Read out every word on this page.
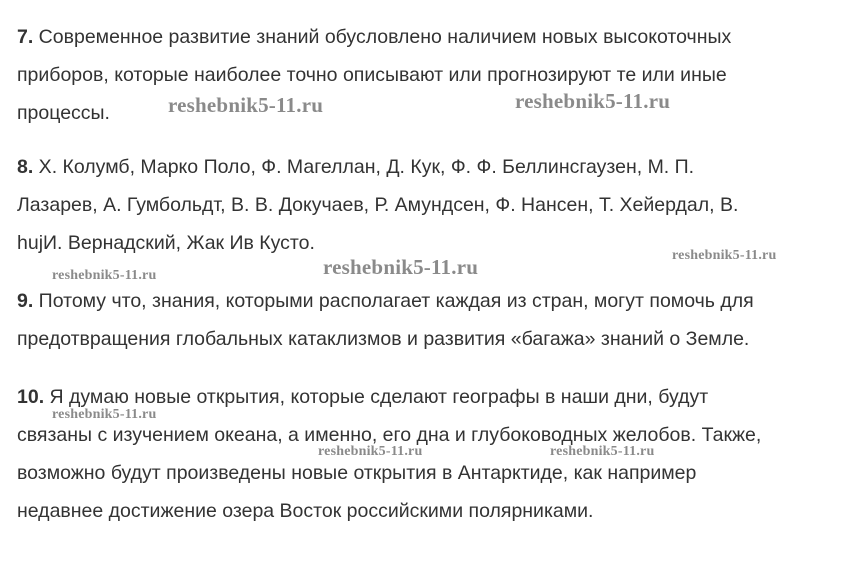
7. Современное развитие знаний обусловлено наличием новых высокоточных
приборов, которые наиболее точно описывают или прогнозируют те или иные
процессы.
8. Х. Колумб, Марко Поло, Ф. Магеллан, Д. Кук, Ф. Ф. Беллинсгаузен, М. П.
Лазарев, А. Гумбольдт, В. В. Докучаев, Р. Амундсен, Ф. Нансен, Т. Хейердал, В.
hujИ. Вернадский, Жак Ив Кусто.
9. Потому что, знания, которыми располагает каждая из стран, могут помочь для
предотвращения глобальных катаклизмов и развития «багажа» знаний о Земле.
10. Я думаю новые открытия, которые сделают географы в наши дни, будут
связаны с изучением океана, а именно, его дна и глубоководных желобов. Также,
возможно будут произведены новые открытия в Антарктиде, как например
недавнее достижение озера Восток российскими полярниками.
reshebnik5-11.ru	reshebnik5-11.ru
reshebnik5-11.ru
reshebnik5-11.ru
reshebnik5-11.ru
reshebnik5-11.ru
reshebnik5-11.ru	reshebnik5-11.ru
